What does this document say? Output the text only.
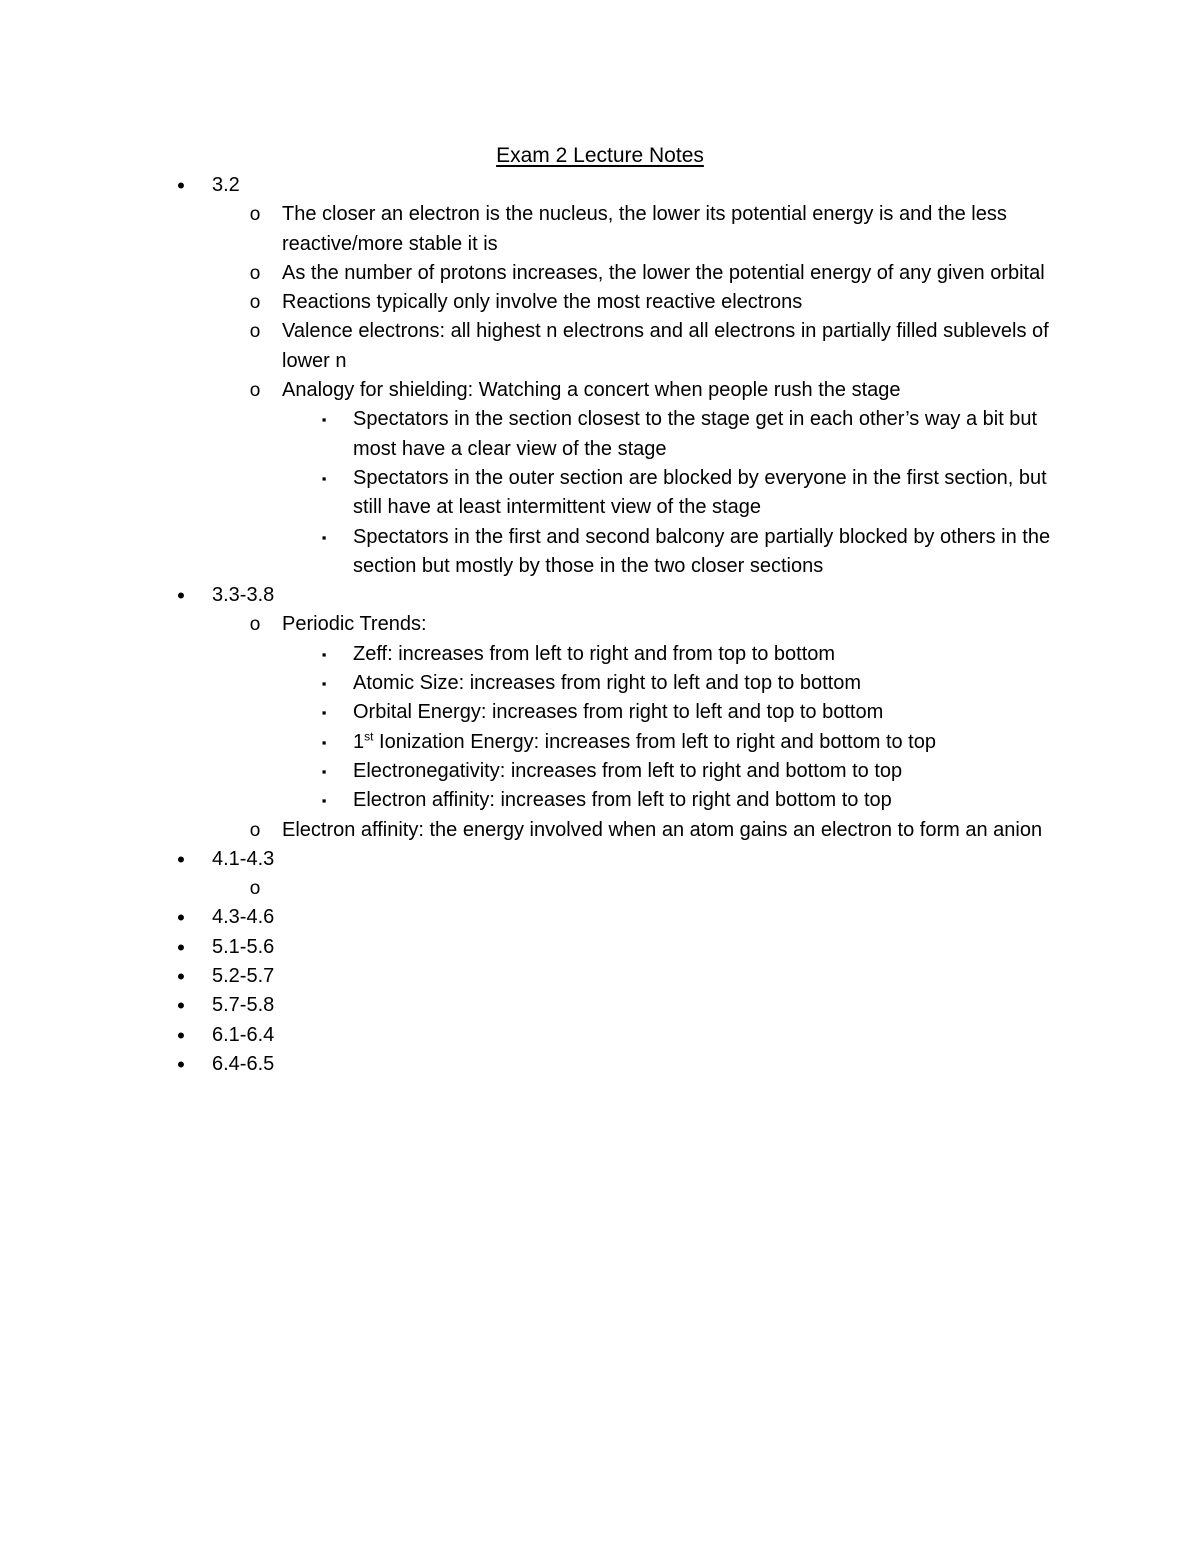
Exam 2 Lecture Notes
•	3.2
o The closer an electron is the nucleus, the lower its potential energy is and the less reactive/more stable it is
o As the number of protons increases, the lower the potential energy of any given orbital
o Reactions typically only involve the most reactive electrons
o Valence electrons: all highest n electrons and all electrons in partially filled sublevels of lower n
o Analogy for shielding: Watching a concert when people rush the stage
▪	Spectators in the section closest to the stage get in each other’s way a bit but most have a clear view of the stage
▪	Spectators in the outer section are blocked by everyone in the first section, but still have at least intermittent view of the stage
▪	Spectators in the first and second balcony are partially blocked by others in the section but mostly by those in the two closer sections
•	3.3-3.8
o Periodic Trends:
▪	Zeff: increases from left to right and from top to bottom
▪	Atomic Size: increases from right to left and top to bottom
▪	Orbital Energy: increases from right to left and top to bottom
▪	1st Ionization Energy: increases from left to right and bottom to top
▪	Electronegativity: increases from left to right and bottom to top
▪	Electron affinity: increases from left to right and bottom to top
o Electron affinity: the energy involved when an atom gains an electron to form an anion
•	4.1-4.3
o

•	4.3-4.6
•	5.1-5.6
•	5.2-5.7
•	5.7-5.8
•	6.1-6.4
•	6.4-6.5
